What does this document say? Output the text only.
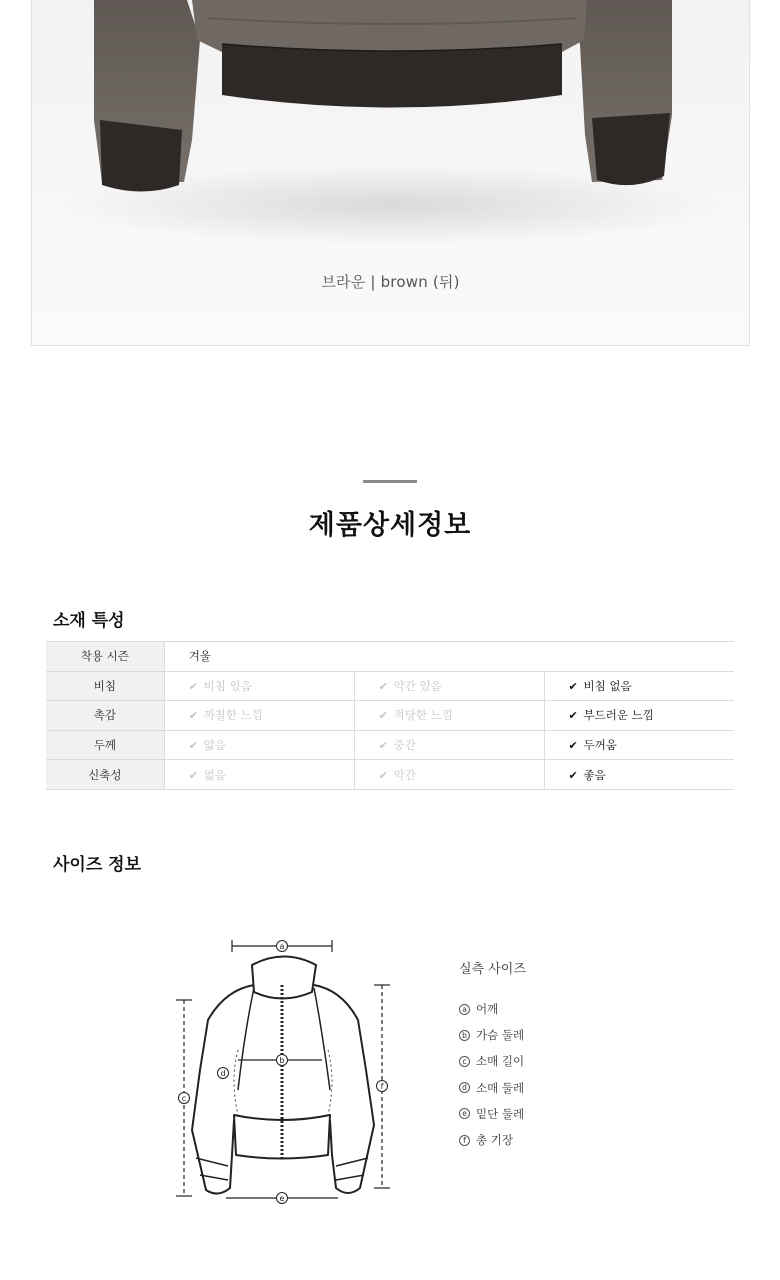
브라운 | brown (뒤)
제품상세정보
소재 특성
착용 시즌	겨울		
비침	✔ 비침 있음	✔ 약간 있음	✔ 비침 없음
촉감	✔ 까칠한 느낌	✔ 적당한 느낌	✔ 부드러운 느낌
두께	✔ 얇음	✔ 중간	✔ 두꺼움
신축성	✔ 없음	✔ 약간	✔ 좋음
사이즈 정보
a
b
c
d
e
f
실측 사이즈
a 어깨
b 가슴 둘레
c 소매 길이
d 소매 둘레
e 밑단 둘레
f 총 기장
